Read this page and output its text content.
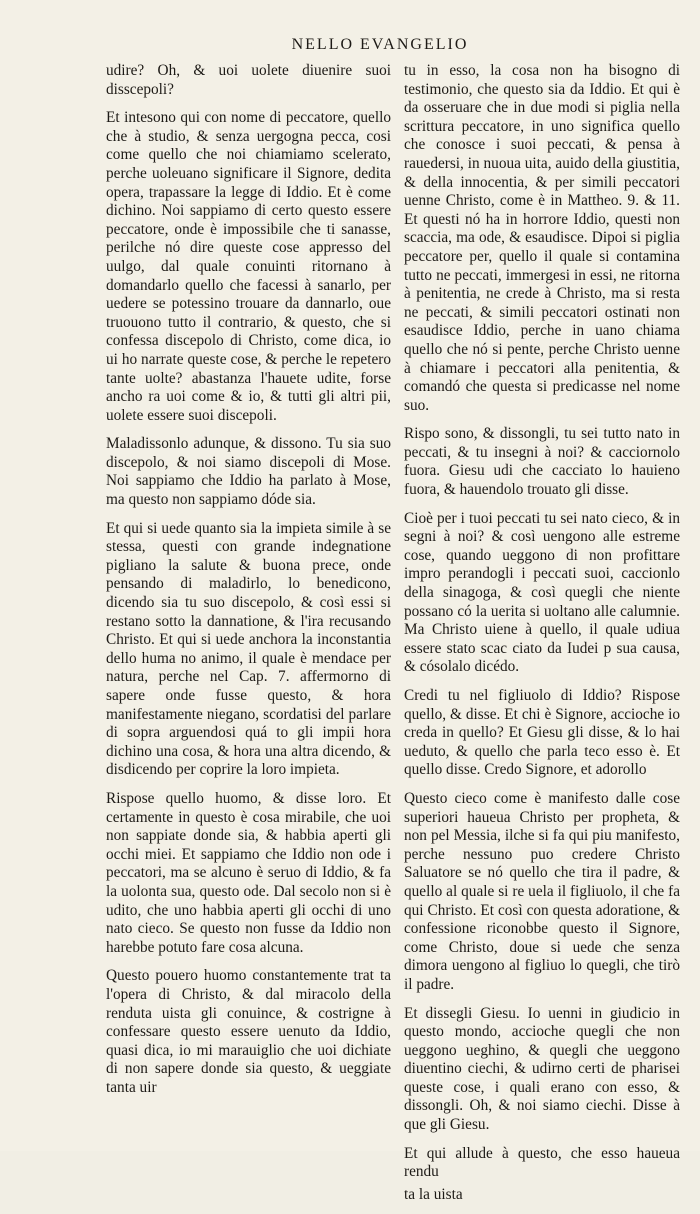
NELLO EVANGELIO

udire? Oh, & uoi uolete diuenire suoi disscepoli?

Et intesono qui con nome di peccatore, quello che à studio, & senza uergogna pecca, cosi come quello che noi chiamiamo scelerato, perche uoleuano significare il Signore, dedita opera, trapassare la legge di Iddio. Et è come dichino. Noi sappiamo di certo questo essere peccatore, onde è impossibile che ti sanasse, perilche nó dire queste cose appresso del uulgo, dal quale conuinti ritornano à domandarlo quello che facessi à sanarlo, per uedere se potessino trouare da dannarlo, oue truouono tutto il contrario, & questo, che si confessa discepolo di Christo, come dica, io ui ho narrate queste cose, & perche le repetero tante uolte? abastanza l'hauete udite, forse ancho ra uoi come & io, & tutti gli altri pii, uolete essere suoi discepoli.

Maladissonlo adunque, & dissono. Tu sia suo discepolo, & noi siamo discepoli di Mose. Noi sappiamo che Iddio ha parlato à Mose, ma questo non sappiamo dóde sia.

Et qui si uede quanto sia la impieta simile à se stessa, questi con grande indegnatione pigliano la salute & buona prece, onde pensando di maladirlo, lo benedicono, dicendo sia tu suo discepolo, & così essi si restano sotto la dannatione, & l'ira recusando Christo. Et qui si uede anchora la inconstantia dello huma no animo, il quale è mendace per natura, perche nel Cap. 7. affermorno di sapere onde fusse questo, & hora manifestamente niegano, scordatisi del parlare di sopra arguendosi quá to gli impii hora dichino una cosa, & hora una altra dicendo, & disdicendo per coprire la loro impieta.

Rispose quello huomo, & disse loro. Et certamente in questo è cosa mirabile, che uoi non sappiate donde sia, & habbia aperti gli occhi miei. Et sappiamo che Iddio non ode i peccatori, ma se alcuno è seruo di Iddio, & fa la uolonta sua, questo ode. Dal secolo non si è udito, che uno habbia aperti gli occhi di uno nato cieco. Se questo non fusse da Iddio non harebbe potuto fare cosa alcuna.

Questo pouero huomo constantemente trat ta l'opera di Christo, & dal miracolo della renduta uista gli conuince, & costrigne à confessare questo essere uenuto da Iddio, quasi dica, io mi marauiglio che uoi dichiate di non sapere donde sia questo, & ueggiate tanta uir

tu in esso, la cosa non ha bisogno di testimonio, che questo sia da Iddio. Et qui è da osseruare che in due modi si piglia nella scrittura peccatore, in uno significa quello che conosce i suoi peccati, & pensa à rauedersi, in nuoua uita, auido della giustitia, & della innocentia, & per simili peccatori uenne Christo, come è in Mattheo. 9. & 11. Et questi nó ha in horrore Iddio, questi non scaccia, ma ode, & esaudisce. Dipoi si piglia peccatore per, quello il quale si contamina tutto ne peccati, immergesi in essi, ne ritorna à penitentia, ne crede à Christo, ma si resta ne peccati, & simili peccatori ostinati non esaudisce Iddio, perche in uano chiama quello che nó si pente, perche Christo uenne à chiamare i peccatori alla penitentia, & comandó che questa si predicasse nel nome suo.

Rispo sono, & dissongli, tu sei tutto nato in peccati, & tu insegni à noi? & cacciornolo fuora. Giesu udi che cacciato lo hauieno fuora, & hauendolo trouato gli disse.

Cioè per i tuoi peccati tu sei nato cieco, & in segni à noi? & così uengono alle estreme cose, quando ueggono di non profittare impro perandogli i peccati suoi, caccionlo della sinagoga, & così quegli che niente possano có la uerita si uoltano alle calumnie. Ma Christo uiene à quello, il quale udiua essere stato scac ciato da Iudei p sua causa, & cósolalo dicédo.

Credi tu nel figliuolo di Iddio? Rispose quello, & disse. Et chi è Signore, accioche io creda in quello? Et Giesu gli disse, & lo hai ueduto, & quello che parla teco esso è. Et quello disse. Credo Signore, et adorollo

Questo cieco come è manifesto dalle cose superiori haueua Christo per propheta, & non pel Messia, ilche si fa qui piu manifesto, perche nessuno puo credere Christo Saluatore se nó quello che tira il padre, & quello al quale si re uela il figliuolo, il che fa qui Christo. Et così con questa adoratione, & confessione riconobbe questo il Signore, come Christo, doue si uede che senza dimora uengono al figliuo lo quegli, che tirò il padre.

Et dissegli Giesu. Io uenni in giudicio in questo mondo, accioche quegli che non ueggono ueghino, & quegli che ueggono diuentino ciechi, & udirno certi de pharisei queste cose, i quali erano con esso, & dissongli. Oh, & noi siamo ciechi. Disse à que gli Giesu.

Et qui allude à questo, che esso haueua rendu

ta la uista
